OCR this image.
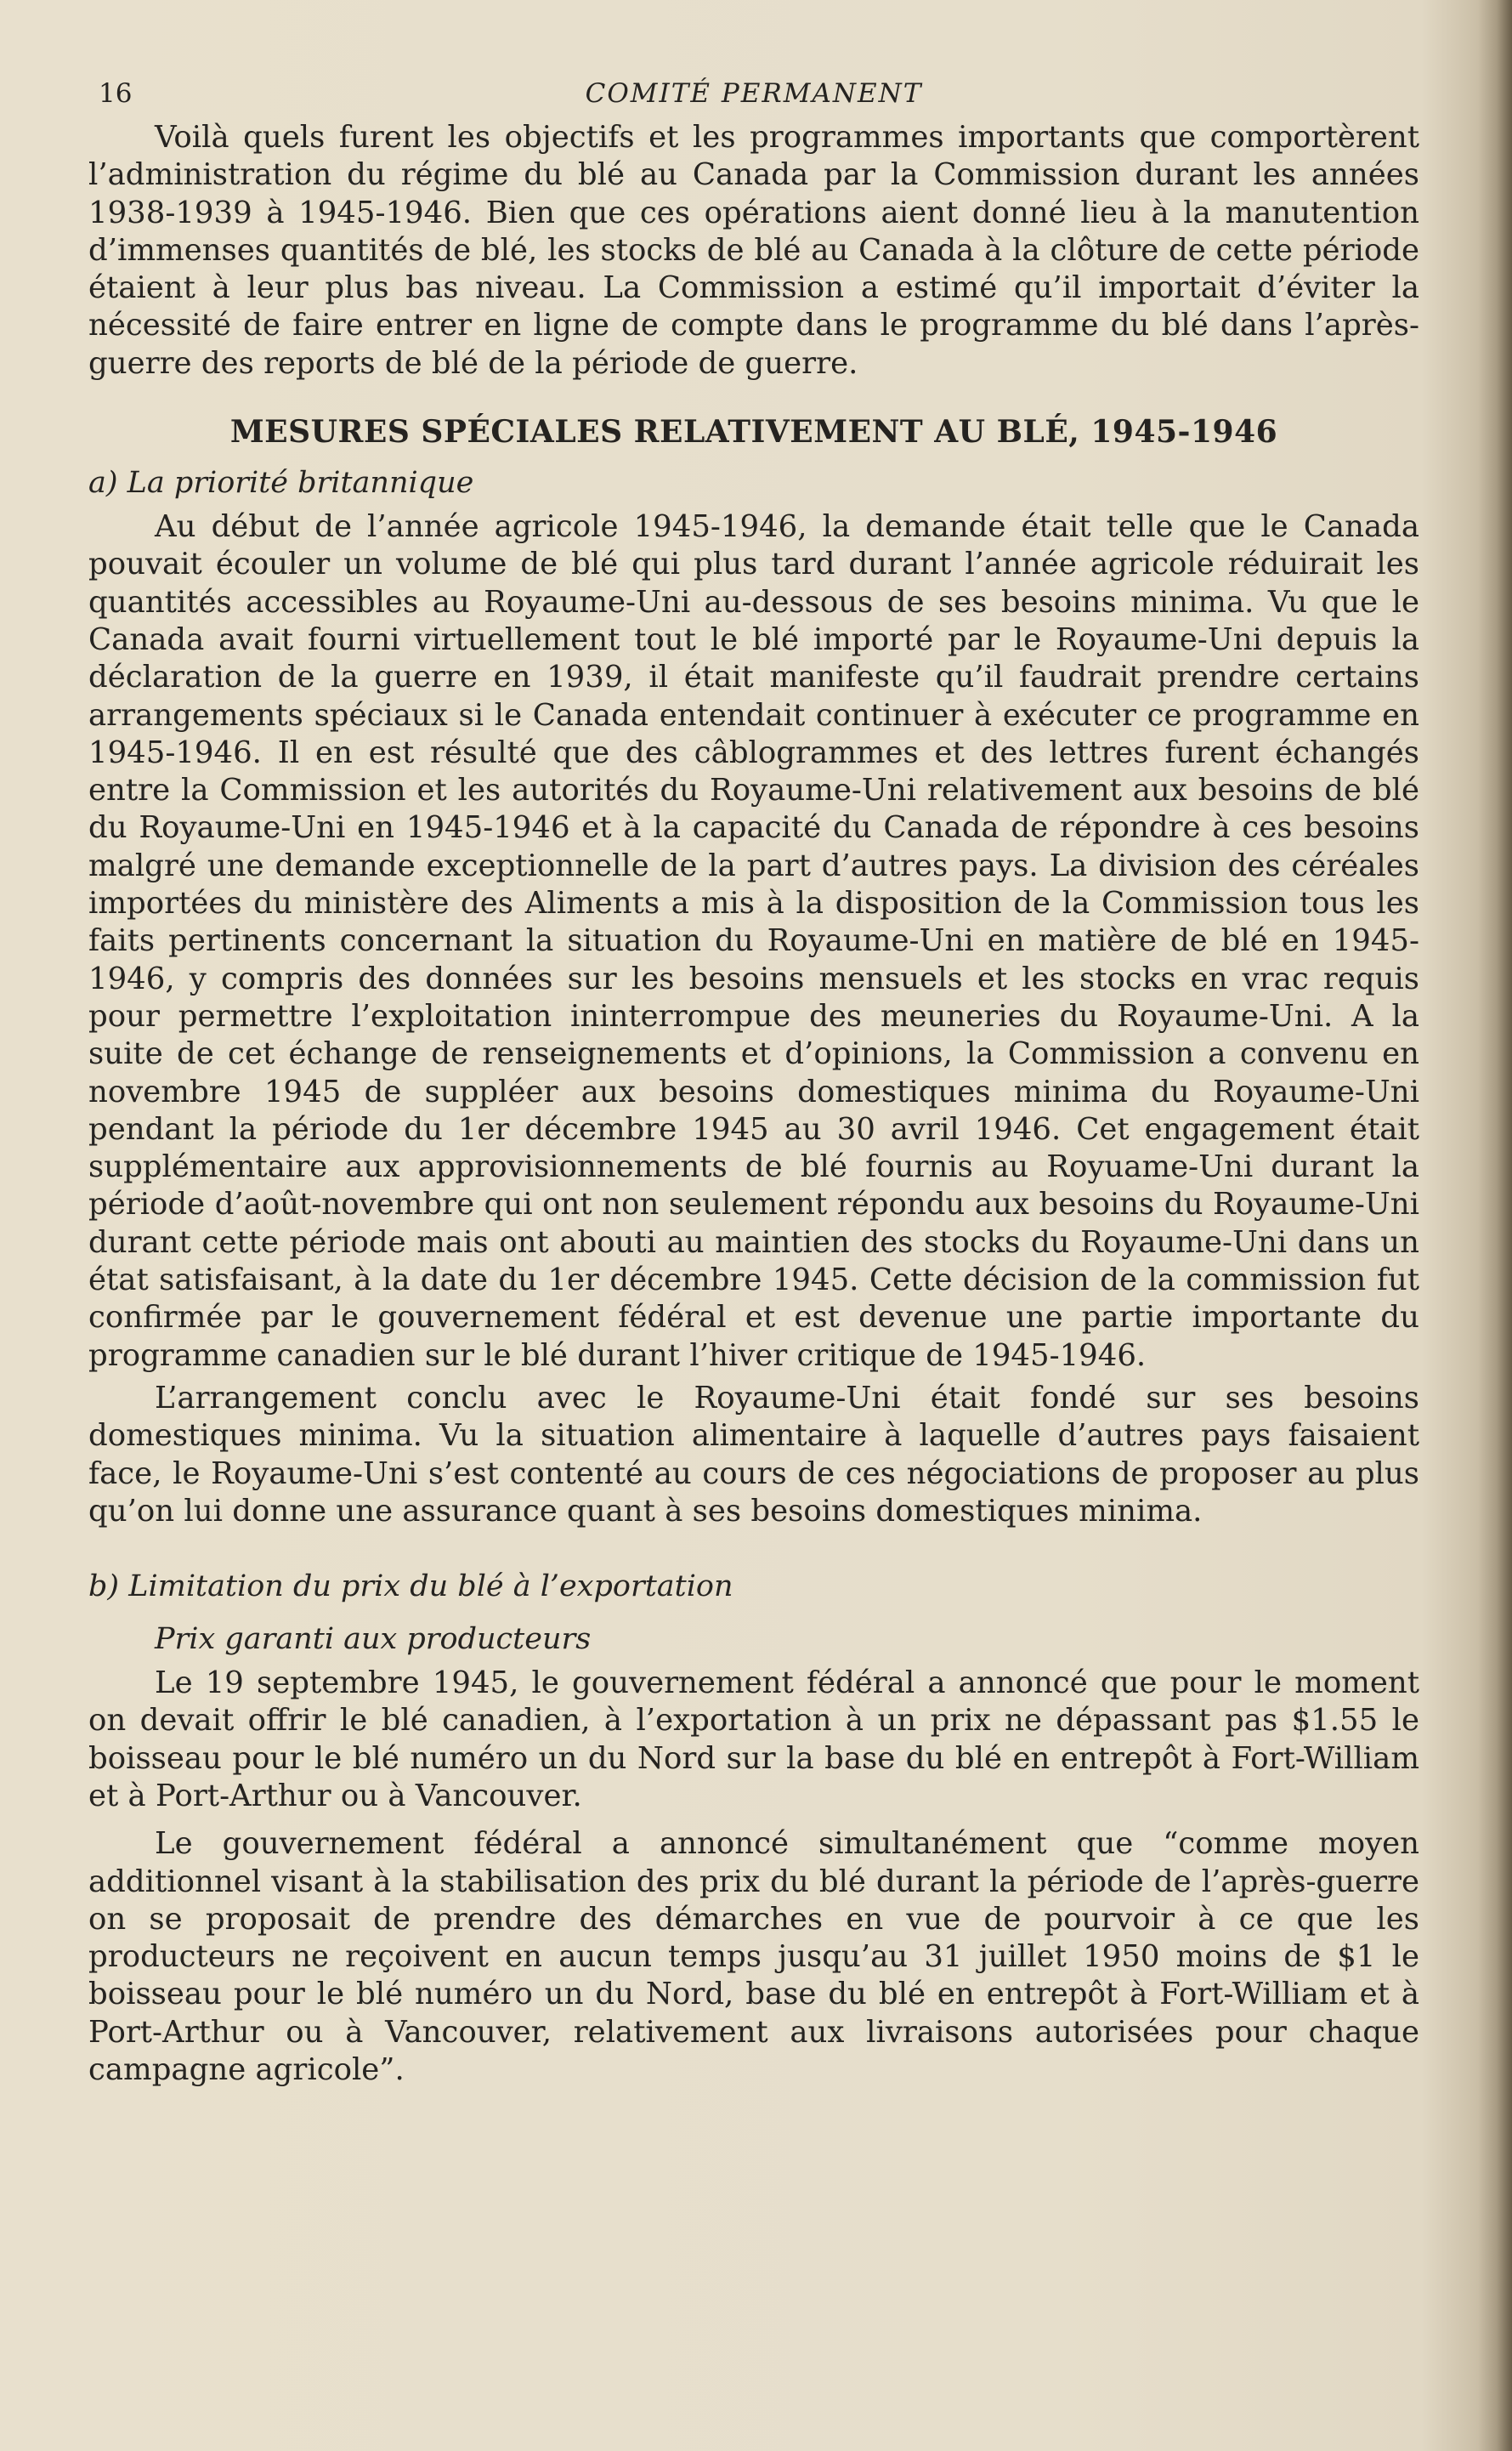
16	COMITÉ PERMANENT

Voilà quels furent les objectifs et les programmes importants que comportèrent l’administration du régime du blé au Canada par la Commission durant les années 1938-1939 à 1945-1946. Bien que ces opérations aient donné lieu à la manutention d’immenses quantités de blé, les stocks de blé au Canada à la clôture de cette période étaient à leur plus bas niveau. La Commission a estimé qu’il importait d’éviter la nécessité de faire entrer en ligne de compte dans le programme du blé dans l’après-guerre des reports de blé de la période de guerre.

MESURES SPÉCIALES RELATIVEMENT AU BLÉ, 1945-1946

a) La priorité britannique

Au début de l’année agricole 1945-1946, la demande était telle que le Canada pouvait écouler un volume de blé qui plus tard durant l’année agricole réduirait les quantités accessibles au Royaume-Uni au-dessous de ses besoins minima. Vu que le Canada avait fourni virtuellement tout le blé importé par le Royaume-Uni depuis la déclaration de la guerre en 1939, il était manifeste qu’il faudrait prendre certains arrangements spéciaux si le Canada entendait continuer à exécuter ce programme en 1945-1946. Il en est résulté que des câblogrammes et des lettres furent échangés entre la Commission et les autorités du Royaume-Uni relativement aux besoins de blé du Royaume-Uni en 1945-1946 et à la capacité du Canada de répondre à ces besoins malgré une demande exceptionnelle de la part d’autres pays. La division des céréales importées du ministère des Aliments a mis à la disposition de la Commission tous les faits pertinents concernant la situation du Royaume-Uni en matière de blé en 1945-1946, y compris des données sur les besoins mensuels et les stocks en vrac requis pour permettre l’exploitation ininterrompue des meuneries du Royaume-Uni. A la suite de cet échange de renseignements et d’opinions, la Commission a convenu en novembre 1945 de suppléer aux besoins domestiques minima du Royaume-Uni pendant la période du 1er décembre 1945 au 30 avril 1946. Cet engagement était supplémentaire aux approvisionnements de blé fournis au Royuame-Uni durant la période d’août-novembre qui ont non seulement répondu aux besoins du Royaume-Uni durant cette période mais ont abouti au maintien des stocks du Royaume-Uni dans un état satisfaisant, à la date du 1er décembre 1945. Cette décision de la commission fut confirmée par le gouvernement fédéral et est devenue une partie importante du programme canadien sur le blé durant l’hiver critique de 1945-1946.

L’arrangement conclu avec le Royaume-Uni était fondé sur ses besoins domestiques minima. Vu la situation alimentaire à laquelle d’autres pays faisaient face, le Royaume-Uni s’est contenté au cours de ces négociations de proposer au plus qu’on lui donne une assurance quant à ses besoins domestiques minima.

b) Limitation du prix du blé à l’exportation

Prix garanti aux producteurs

Le 19 septembre 1945, le gouvernement fédéral a annoncé que pour le moment on devait offrir le blé canadien, à l’exportation à un prix ne dépassant pas $1.55 le boisseau pour le blé numéro un du Nord sur la base du blé en entrepôt à Fort-William et à Port-Arthur ou à Vancouver.

Le gouvernement fédéral a annoncé simultanément que “comme moyen additionnel visant à la stabilisation des prix du blé durant la période de l’après-guerre on se proposait de prendre des démarches en vue de pourvoir à ce que les producteurs ne reçoivent en aucun temps jusqu’au 31 juillet 1950 moins de $1 le boisseau pour le blé numéro un du Nord, base du blé en entrepôt à Fort-William et à Port-Arthur ou à Vancouver, relativement aux livraisons autorisées pour chaque campagne agricole”.
